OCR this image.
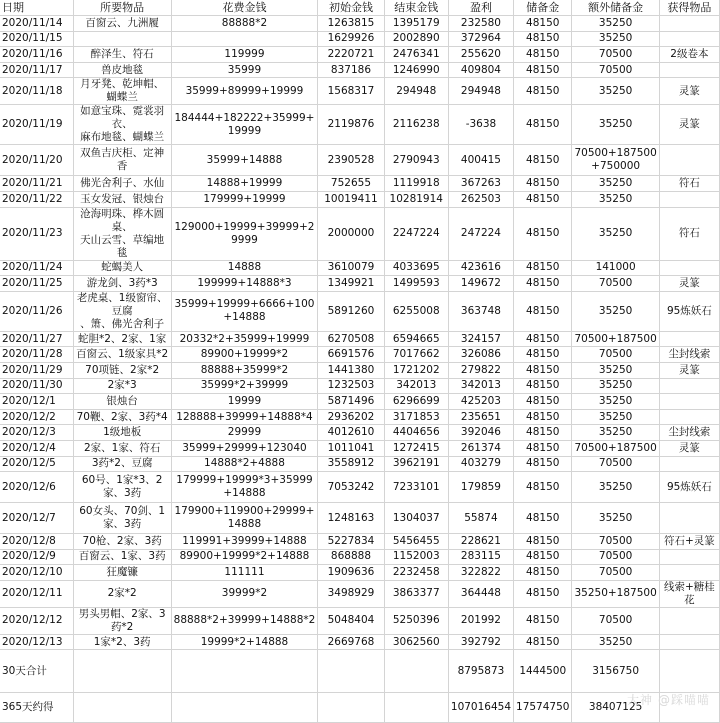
日期	所要物品	花费金钱	初始金钱	结束金钱	盈利	储备金	额外储备金	获得物品
2020/11/14	百窗云、九洲履	88888*2	1263815	1395179	232580	48150	35250	
2020/11/15			1629926	2002890	372964	48150	35250	
2020/11/16	醉泽生、符石	119999	2220721	2476341	255620	48150	70500	2级卷本
2020/11/17	兽皮地毯	35999	837186	1246990	409804	48150	70500	
2020/11/18	月牙凳、乾坤帽、蝴蝶兰	35999+89999+19999	1568317	294948	294948	48150	35250	灵篆
2020/11/19	如意宝珠、霓裳羽衣、
麻布地毯、蝴蝶兰	184444+182222+35999+
19999	2119876	2116238	-3638	48150	35250	灵篆
2020/11/20	双鱼吉庆柜、定神香	35999+14888	2390528	2790943	400415	48150	70500+187500
+750000	
2020/11/21	佛光舍利子、水仙	14888+19999	752655	1119918	367263	48150	35250	符石
2020/11/22	玉女发冠、银烛台	179999+19999	10019411	10281914	262503	48150	35250	
2020/11/23	沧海明珠、桦木圆桌、
天山云雪、草编地毯	129000+19999+39999+2
9999	2000000	2247224	247224	48150	35250	符石
2020/11/24	蛇蝎美人	14888	3610079	4033695	423616	48150	141000	
2020/11/25	游龙剑、3药*3	199999+14888*3	1349921	1499593	149672	48150	70500	灵篆
2020/11/26	老虎桌、1级窗帘、豆腐
、箫、佛光舍利子	35999+19999+6666+100
+14888	5891260	6255008	363748	48150	35250	95炼妖石
2020/11/27	蛇胆*2、2家、1家	20332*2+35999+19999	6270508	6594665	324157	48150	70500+187500	
2020/11/28	百窗云、1级家具*2	89900+19999*2	6691576	7017662	326086	48150	70500	尘封线索
2020/11/29	70项链、2家*2	88888+35999*2	1441380	1721202	279822	48150	35250	灵篆
2020/11/30	2家*3	35999*2+39999	1232503	342013	342013	48150	35250	
2020/12/1	银烛台	19999	5871496	6296699	425203	48150	35250	
2020/12/2	70鞭、2家、3药*4	128888+39999+14888*4	2936202	3171853	235651	48150	35250	
2020/12/3	1级地板	29999	4012610	4404656	392046	48150	35250	尘封线索
2020/12/4	2家、1家、符石	35999+29999+123040	1011041	1272415	261374	48150	70500+187500	灵篆
2020/12/5	3药*2、豆腐	14888*2+4888	3558912	3962191	403279	48150	70500	
2020/12/6	60号、1家*3、2家、3药	179999+19999*3+35999
+14888	7053242	7233101	179859	48150	35250	95炼妖石
2020/12/7	60女头、70剑、1家、3药	179900+119900+29999+
14888	1248163	1304037	55874	48150	35250	
2020/12/8	70枪、2家、3药	119991+39999+14888	5227834	5456455	228621	48150	70500	符石+灵篆
2020/12/9	百窗云、1家、3药	89900+19999*2+14888	868888	1152003	283115	48150	70500	
2020/12/10	狂魔镰	111111	1909636	2232458	322822	48150	70500	
2020/12/11	2家*2	39999*2	3498929	3863377	364448	48150	35250+187500	线索+糖桂花
2020/12/12	男头男帽、2家、3药*2	88888*2+39999+14888*2	5048404	5250396	201992	48150	70500	
2020/12/13	1家*2、3药	19999*2+14888	2669768	3062560	392792	48150	35250	
30天合计					8795873	1444500	3156750	
365天约得					107016454	17574750	38407125	
大神 @踩喵喵
